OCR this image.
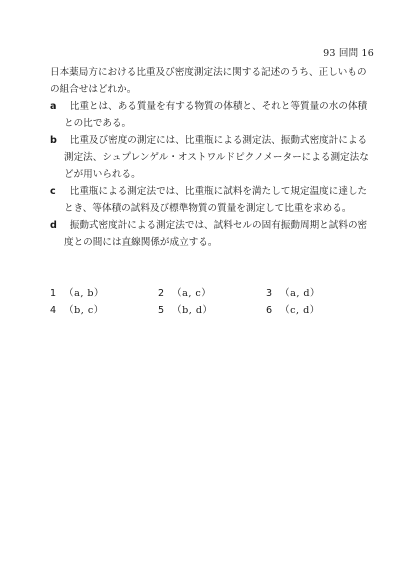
93 回問 16

日本薬局方における比重及び密度測定法に関する記述のうち、正しいものの組合せはどれか。

a	比重とは、ある質量を有する物質の体積と、それと等質量の水の体積との比である。
b	比重及び密度の測定には、比重瓶による測定法、振動式密度計による測定法、シュプレンゲル・オストワルドピクノメーターによる測定法などが用いられる。
c	比重瓶による測定法では、比重瓶に試料を満たして規定温度に達したとき、等体積の試料及び標準物質の質量を測定して比重を求める。
d	振動式密度計による測定法では、試料セルの固有振動周期と試料の密度との間には直線関係が成立する。
1 （a, b）	2 （a, c）	3 （a, d）
4 （b, c）	5 （b, d）	6 （c, d）
